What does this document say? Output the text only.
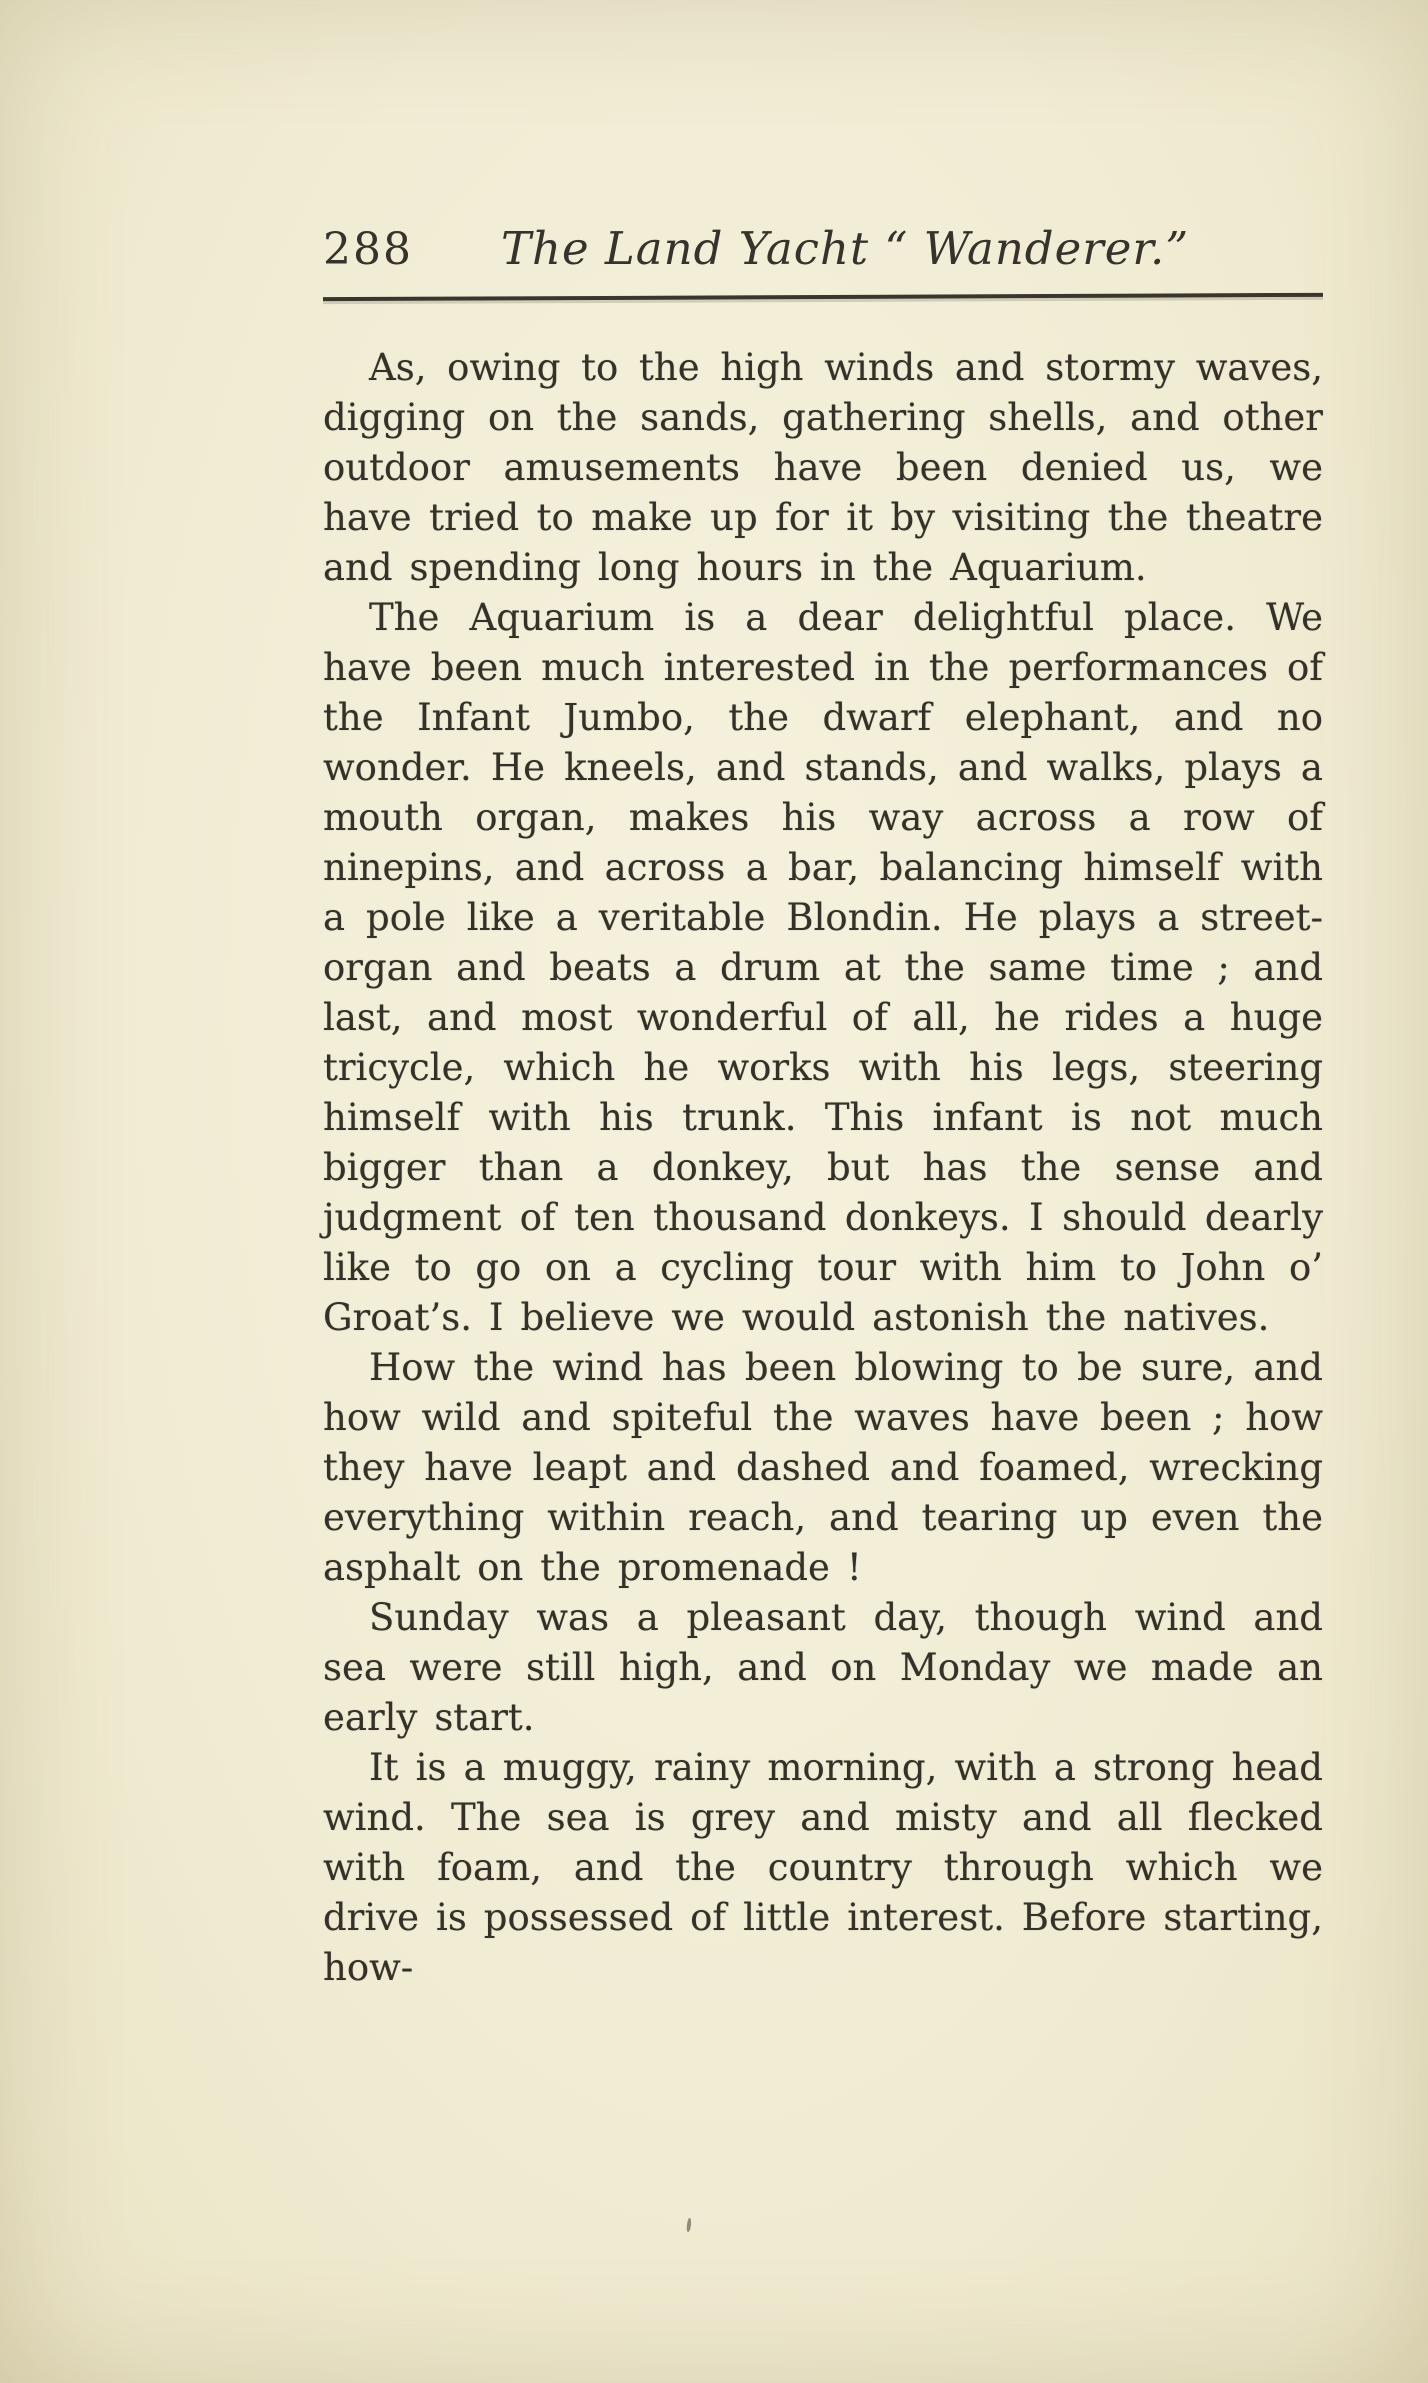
288 The Land Yacht “ Wanderer.”

As, owing to the high winds and stormy waves, digging on the sands, gathering shells, and other outdoor amusements have been denied us, we have tried to make up for it by visiting the theatre and spending long hours in the Aquarium.

The Aquarium is a dear delightful place. We have been much interested in the performances of the Infant Jumbo, the dwarf elephant, and no wonder. He kneels, and stands, and walks, plays a mouth organ, makes his way across a row of ninepins, and across a bar, balancing himself with a pole like a veritable Blondin. He plays a street-organ and beats a drum at the same time ; and last, and most wonderful of all, he rides a huge tricycle, which he works with his legs, steering himself with his trunk. This infant is not much bigger than a donkey, but has the sense and judgment of ten thousand donkeys. I should dearly like to go on a cycling tour with him to John o’ Groat’s. I believe we would astonish the natives.

How the wind has been blowing to be sure, and how wild and spiteful the waves have been ; how they have leapt and dashed and foamed, wrecking everything within reach, and tearing up even the asphalt on the promenade !

Sunday was a pleasant day, though wind and sea were still high, and on Monday we made an early start.

It is a muggy, rainy morning, with a strong head wind. The sea is grey and misty and all flecked with foam, and the country through which we drive is possessed of little interest. Before starting, how-
